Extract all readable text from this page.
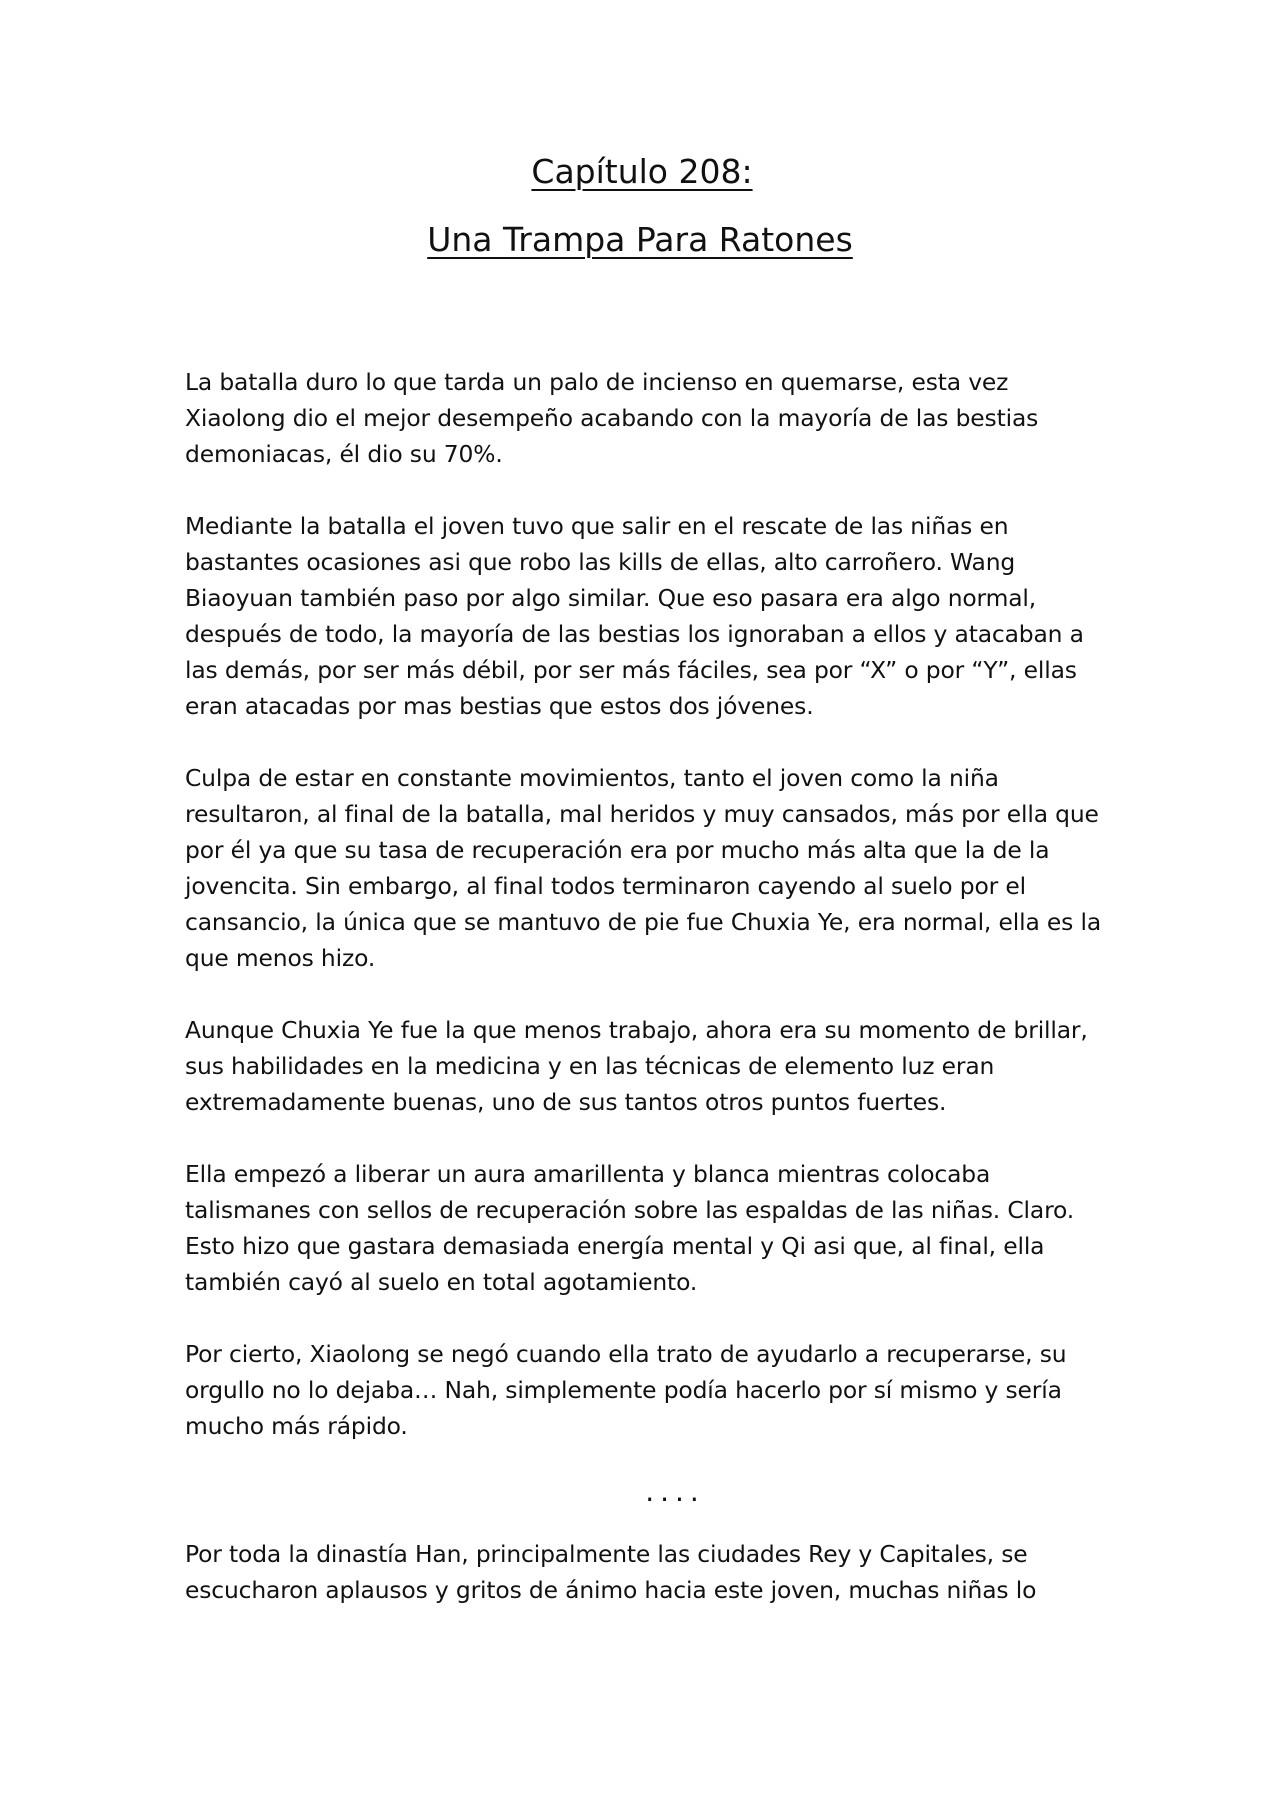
Capítulo 208:
Una Trampa Para Ratones

La batalla duro lo que tarda un palo de incienso en quemarse, esta vez Xiaolong dio el mejor desempeño acabando con la mayoría de las bestias demoniacas, él dio su 70%.

Mediante la batalla el joven tuvo que salir en el rescate de las niñas en bastantes ocasiones asi que robo las kills de ellas, alto carroñero. Wang Biaoyuan también paso por algo similar. Que eso pasara era algo normal, después de todo, la mayoría de las bestias los ignoraban a ellos y atacaban a las demás, por ser más débil, por ser más fáciles, sea por “X” o por “Y”, ellas eran atacadas por mas bestias que estos dos jóvenes.

Culpa de estar en constante movimientos, tanto el joven como la niña resultaron, al final de la batalla, mal heridos y muy cansados, más por ella que por él ya que su tasa de recuperación era por mucho más alta que la de la jovencita. Sin embargo, al final todos terminaron cayendo al suelo por el cansancio, la única que se mantuvo de pie fue Chuxia Ye, era normal, ella es la que menos hizo.

Aunque Chuxia Ye fue la que menos trabajo, ahora era su momento de brillar, sus habilidades en la medicina y en las técnicas de elemento luz eran extremadamente buenas, uno de sus tantos otros puntos fuertes.

Ella empezó a liberar un aura amarillenta y blanca mientras colocaba talismanes con sellos de recuperación sobre las espaldas de las niñas. Claro. Esto hizo que gastara demasiada energía mental y Qi asi que, al final, ella también cayó al suelo en total agotamiento.

Por cierto, Xiaolong se negó cuando ella trato de ayudarlo a recuperarse, su orgullo no lo dejaba… Nah, simplemente podía hacerlo por sí mismo y sería mucho más rápido.

....

Por toda la dinastía Han, principalmente las ciudades Rey y Capitales, se escucharon aplausos y gritos de ánimo hacia este joven, muchas niñas lo
